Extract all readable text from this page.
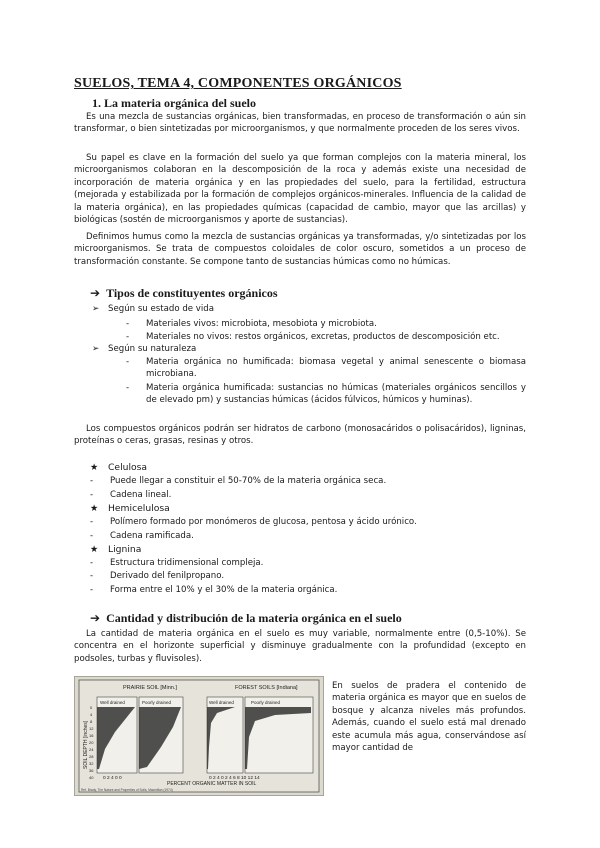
SUELOS, TEMA 4, COMPONENTES ORGÁNICOS
1. La materia orgánica del suelo
Es una mezcla de sustancias orgánicas, bien transformadas, en proceso de transformación o aún sin transformar, o bien sintetizadas por microorganismos, y que normalmente proceden de los seres vivos.
Su papel es clave en la formación del suelo ya que forman complejos con la materia mineral, los microorganismos colaboran en la descomposición de la roca y además existe una necesidad de incorporación de materia orgánica y en las propiedades del suelo, para la fertilidad, estructura (mejorada y estabilizada por la formación de complejos orgánicos-minerales. Influencia de la calidad de la materia orgánica), en las propiedades químicas (capacidad de cambio, mayor que las arcillas) y biológicas (sostén de microorganismos y aporte de sustancias).
Definimos humus como la mezcla de sustancias orgánicas ya transformadas, y/o sintetizadas por los microorganismos. Se trata de compuestos coloidales de color oscuro, sometidos a un proceso de transformación constante. Se compone tanto de sustancias húmicas como no húmicas.
➔ Tipos de constituyentes orgánicos
➢ Según su estado de vida
-	Materiales vivos: microbiota, mesobiota y microbiota.
-	Materiales no vivos: restos orgánicos, excretas, productos de descomposición etc.
➢ Según su naturaleza
-	Materia orgánica no humificada: biomasa vegetal y animal senescente o biomasa microbiana.
-	Materia orgánica humificada: sustancias no húmicas (materiales orgánicos sencillos y de elevado pm) y sustancias húmicas (ácidos fúlvicos, húmicos y huminas).
Los compuestos orgánicos podrán ser hidratos de carbono (monosacáridos o polisacáridos), ligninas, proteínas o ceras, grasas, resinas y otros.
★ Celulosa
- Puede llegar a constituir el 50-70% de la materia orgánica seca.
- Cadena lineal.
★ Hemicelulosa
- Polímero formado por monómeros de glucosa, pentosa y ácido urónico.
- Cadena ramificada.
★ Lignina
- Estructura tridimensional compleja.
- Derivado del fenilpropano.
- Forma entre el 10% y el 30% de la materia orgánica.
➔ Cantidad y distribución de la materia orgánica en el suelo
La cantidad de materia orgánica en el suelo es muy variable, normalmente entre (0,5-10%). Se concentra en el horizonte superficial y disminuye gradualmente con la profundidad (excepto en podsoles, turbas y fluvisoles).
PRAIRIE SOIL [Minn.]	FOREST SOILS [Indiana]
SOIL DEPTH [inches]
Well drained	Poorly drained	Well drained	Poorly drained
0
4
8
12
16
20
24
28
32
36
40 0 2 4 0 0	0 2 4 0 2 4 6 8 10 12 14
PERCENT ORGANIC MATTER IN SOIL
Ref. Brady, The Nature and Properties of Soils, Macmillan (1974)
En suelos de pradera el contenido de materia orgánica es mayor que en suelos de bosque y alcanza niveles más profundos. Además, cuando el suelo está mal drenado este acumula más agua, conservándose así mayor cantidad de
